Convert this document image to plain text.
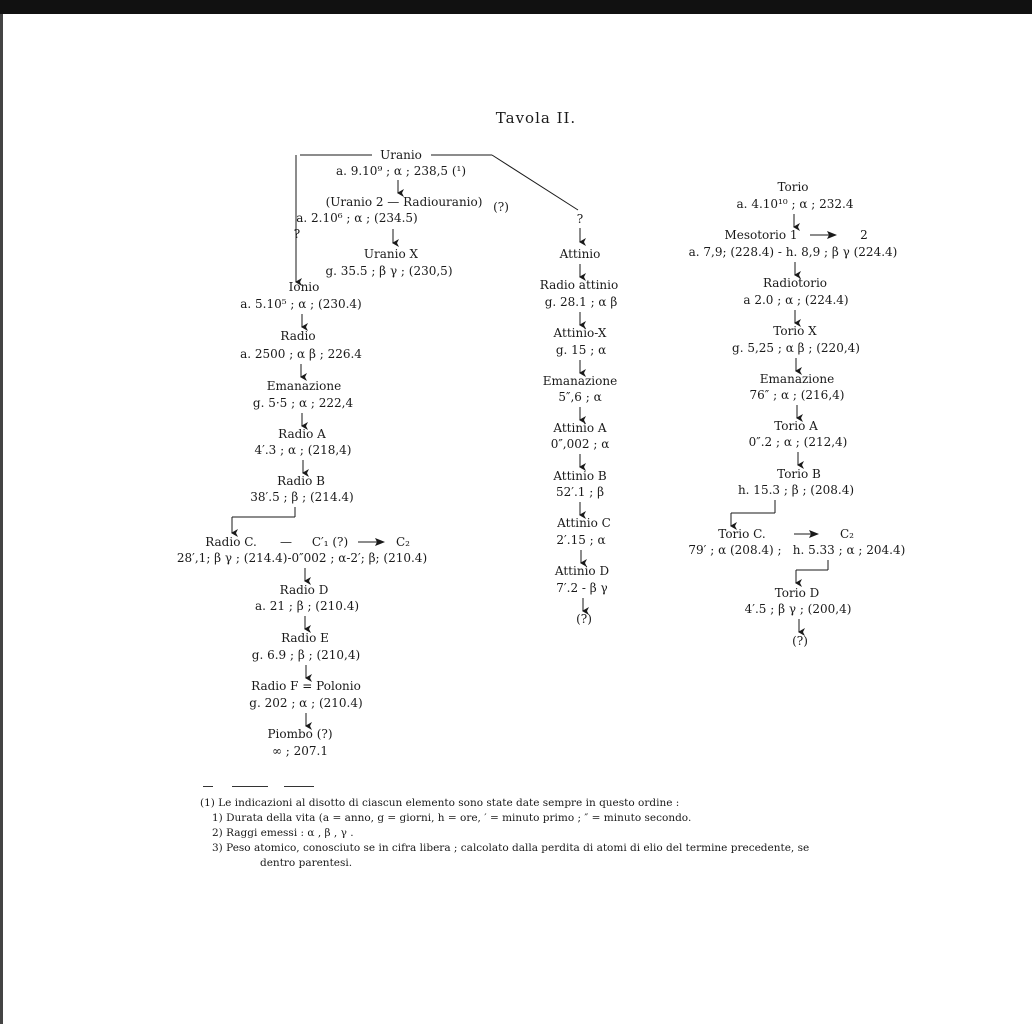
Tavola II.
Uranio
a. 9.10⁹ ; α ; 238,5 (¹)
(Uranio 2 — Radiouranio) (?)
a. 2.10⁶ ; α ; (234.5)
?
Uranio X
g. 35.5 ; β γ ; (230,5)
Ionio
a. 5.10⁵ ; α ; (230.4)
Radio
a. 2500 ; α β ; 226.4
Emanazione
g. 5·5 ; α ; 222,4
Radio A
4′.3 ; α ; (218,4)
Radio B
38′.5 ; β ; (214.4)
Radio C. — C′₁ (?)	C₂
28′,1; β γ ; (214.4)-0″002 ; α-2′; β; (210.4)
Radio D
a. 21 ; β ; (210.4)
Radio E
g. 6.9 ; β ; (210,4)
Radio F = Polonio
g. 202 ; α ; (210.4)
Piombo (?)
∞ ; 207.1
?
Attinio
Radio attinio
g. 28.1 ; α β
Attinio-X
g. 15 ; α
Emanazione
5″,6 ; α
Attinio A
0″,002 ; α
Attinio B
52′.1 ; β
Attinio C
2′.15 ; α
Attinio D
7′.2 - β γ
(?)
Torio
a. 4.10¹⁰ ; α ; 232.4
Mesotorio 1	2
a. 7,9; (228.4) - h. 8,9 ; β γ (224.4)
Radiotorio
a 2.0 ; α ; (224.4)
Torio X
g. 5,25 ; α β ; (220,4)
Emanazione
76″ ; α ; (216,4)
Torio A
0″.2 ; α ; (212,4)
Torio B
h. 15.3 ; β ; (208.4)
Torio C.	C₂
79′ ; α (208.4) ; h. 5.33 ; α ; 204.4)
Torio D
4′.5 ; β γ ; (200,4)
(?)
(1) Le indicazioni al disotto di ciascun elemento sono state date sempre in questo ordine :
1) Durata della vita (a = anno, g = giorni, h = ore, ′ = minuto primo ; ″ = minuto secondo.
2) Raggi emessi : α , β , γ .
3) Peso atomico, conosciuto se in cifra libera ; calcolato dalla perdita di atomi di elio del termine precedente, se
dentro parentesi.
